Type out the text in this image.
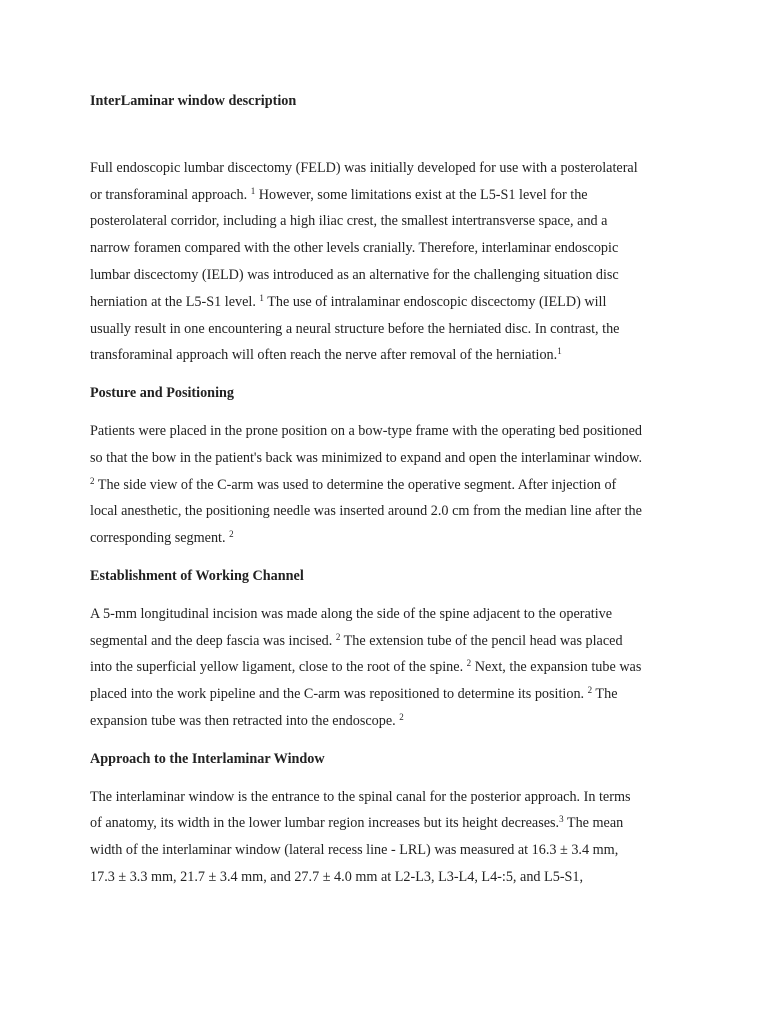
InterLaminar window description
Full endoscopic lumbar discectomy (FELD) was initially developed for use with a posterolateral
or transforaminal approach. $^1$ However, some limitations exist at the L5-S1 level for the
posterolateral corridor, including a high iliac crest, the smallest intertransverse space, and a
narrow foramen compared with the other levels cranially. Therefore, interlaminar endoscopic
lumbar discectomy (IELD) was introduced as an alternative for the challenging situation disc
herniation at the L5-S1 level. $^1$ The use of intralaminar endoscopic discectomy (IELD) will
usually result in one encountering a neural structure before the herniated disc. In contrast, the
transforaminal approach will often reach the nerve after removal of the herniation.$^1$
Posture and Positioning
Patients were placed in the prone position on a bow-type frame with the operating bed positioned
so that the bow in the patient's back was minimized to expand and open the interlaminar window.
$^2$ The side view of the C-arm was used to determine the operative segment. After injection of
local anesthetic, the positioning needle was inserted around 2.0 cm from the median line after the
corresponding segment. $^2$
Establishment of Working Channel
A 5-mm longitudinal incision was made along the side of the spine adjacent to the operative
segmental and the deep fascia was incised. $^2$ The extension tube of the pencil head was placed
into the superficial yellow ligament, close to the root of the spine. $^2$ Next, the expansion tube was
placed into the work pipeline and the C-arm was repositioned to determine its position. $^2$ The
expansion tube was then retracted into the endoscope. $^2$
Approach to the Interlaminar Window
The interlaminar window is the entrance to the spinal canal for the posterior approach. In terms
of anatomy, its width in the lower lumbar region increases but its height decreases.$^3$ The mean
width of the interlaminar window (lateral recess line - LRL) was measured at 16.3 ± 3.4 mm,
17.3 ± 3.3 mm, 21.7 ± 3.4 mm, and 27.7 ± 4.0 mm at L2-L3, L3-L4, L4-:5, and L5-S1,
